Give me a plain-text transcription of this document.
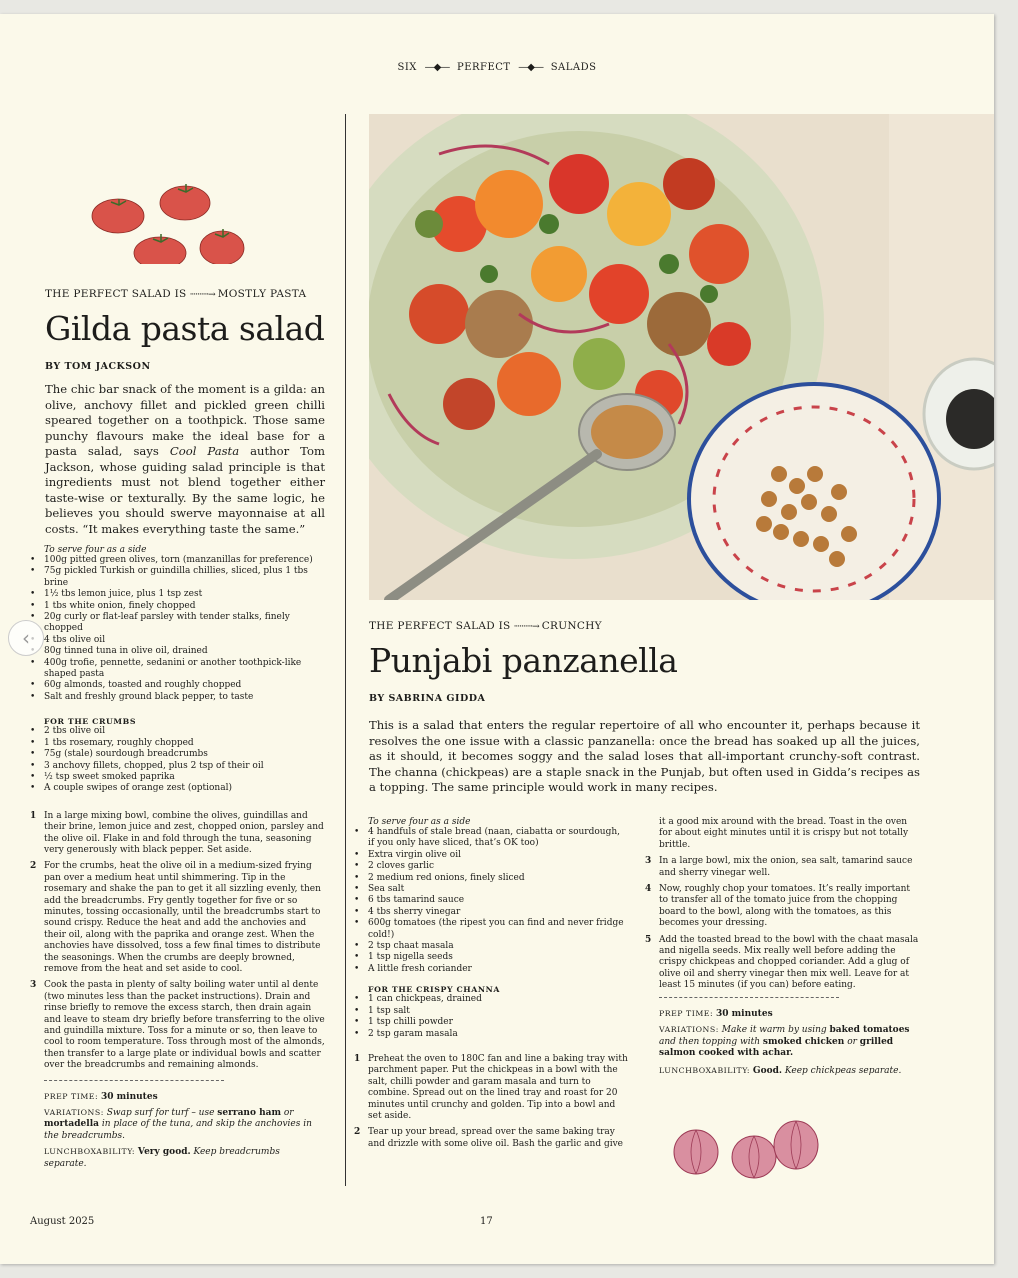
SIX —◆— PERFECT —◆— SALADS
THE PERFECT SALAD IS ··········→ MOSTLY PASTA
Gilda pasta salad
BY TOM JACKSON
The chic bar snack of the moment is a gilda: an olive, anchovy fillet and pickled green chilli speared together on a toothpick. Those same punchy flavours make the ideal base for a pasta salad, says Cool Pasta author Tom Jackson, whose guiding salad principle is that ingredients must not blend together either taste-wise or texturally. By the same logic, he believes you should swerve mayonnaise at all costs. “It makes everything taste the same.”
To serve four as a side
• 100g pitted green olives, torn (manzanillas for preference)
• 75g pickled Turkish or guindilla chillies, sliced, plus 1 tbs brine
• 1½ tbs lemon juice, plus 1 tsp zest
• 1 tbs white onion, finely chopped
• 20g curly or flat-leaf parsley with tender stalks, finely chopped
• 4 tbs olive oil
• 80g tinned tuna in olive oil, drained
• 400g trofie, pennette, sedanini or another toothpick-like shaped pasta
• 60g almonds, toasted and roughly chopped
• Salt and freshly ground black pepper, to taste
FOR THE CRUMBS
• 2 tbs olive oil
• 1 tbs rosemary, roughly chopped
• 75g (stale) sourdough breadcrumbs
• 3 anchovy fillets, chopped, plus 2 tsp of their oil
• ½ tsp sweet smoked paprika
• A couple swipes of orange zest (optional)
1 In a large mixing bowl, combine the olives, guindillas and their brine, lemon juice and zest, chopped onion, parsley and the olive oil. Flake in and fold through the tuna, seasoning very generously with black pepper. Set aside.
2 For the crumbs, heat the olive oil in a medium-sized frying pan over a medium heat until shimmering. Tip in the rosemary and shake the pan to get it all sizzling evenly, then add the breadcrumbs. Fry gently together for five or so minutes, tossing occasionally, until the breadcrumbs start to sound crispy. Reduce the heat and add the anchovies and their oil, along with the paprika and orange zest. When the anchovies have dissolved, toss a few final times to distribute the seasonings. When the crumbs are deeply browned, remove from the heat and set aside to cool.
3 Cook the pasta in plenty of salty boiling water until al dente (two minutes less than the packet instructions). Drain and rinse briefly to remove the excess starch, then drain again and leave to steam dry briefly before transferring to the olive and guindilla mixture. Toss for a minute or so, then leave to cool to room temperature. Toss through most of the almonds, then transfer to a large plate or individual bowls and scatter over the breadcrumbs and remaining almonds.
PREP TIME: 30 minutes
VARIATIONS: Swap surf for turf – use serrano ham or mortadella in place of the tuna, and skip the anchovies in the breadcrumbs.
LUNCHBOXABILITY: Very good. Keep breadcrumbs separate.
THE PERFECT SALAD IS ··········→ CRUNCHY
Punjabi panzanella
BY SABRINA GIDDA
This is a salad that enters the regular repertoire of all who encounter it, perhaps because it resolves the one issue with a classic panzanella: once the bread has soaked up all the juices, as it should, it becomes soggy and the salad loses that all-important crunchy-soft contrast. The channa (chickpeas) are a staple snack in the Punjab, but often used in Gidda’s recipes as a topping. The same principle would work in many recipes.
To serve four as a side
• 4 handfuls of stale bread (naan, ciabatta or sourdough, if you only have sliced, that’s OK too)
• Extra virgin olive oil
• 2 cloves garlic
• 2 medium red onions, finely sliced
• Sea salt
• 6 tbs tamarind sauce
• 4 tbs sherry vinegar
• 600g tomatoes (the ripest you can find and never fridge cold!)
• 2 tsp chaat masala
• 1 tsp nigella seeds
• A little fresh coriander
FOR THE CRISPY CHANNA
• 1 can chickpeas, drained
• 1 tsp salt
• 1 tsp chilli powder
• 2 tsp garam masala
1 Preheat the oven to 180C fan and line a baking tray with parchment paper. Put the chickpeas in a bowl with the salt, chilli powder and garam masala and turn to combine. Spread out on the lined tray and roast for 20 minutes until crunchy and golden. Tip into a bowl and set aside.
2 Tear up your bread, spread over the same baking tray and drizzle with some olive oil. Bash the garlic and give
it a good mix around with the bread. Toast in the oven for about eight minutes until it is crispy but not totally brittle.
3 In a large bowl, mix the onion, sea salt, tamarind sauce and sherry vinegar well.
4 Now, roughly chop your tomatoes. It’s really important to transfer all of the tomato juice from the chopping board to the bowl, along with the tomatoes, as this becomes your dressing.
5 Add the toasted bread to the bowl with the chaat masala and nigella seeds. Mix really well before adding the crispy chickpeas and chopped coriander. Add a glug of olive oil and sherry vinegar then mix well. Leave for at least 15 minutes (if you can) before eating.
PREP TIME: 30 minutes
VARIATIONS: Make it warm by using baked tomatoes and then topping with smoked chicken or grilled salmon cooked with achar.
LUNCHBOXABILITY: Good. Keep chickpeas separate.
August 2025	17
‹
